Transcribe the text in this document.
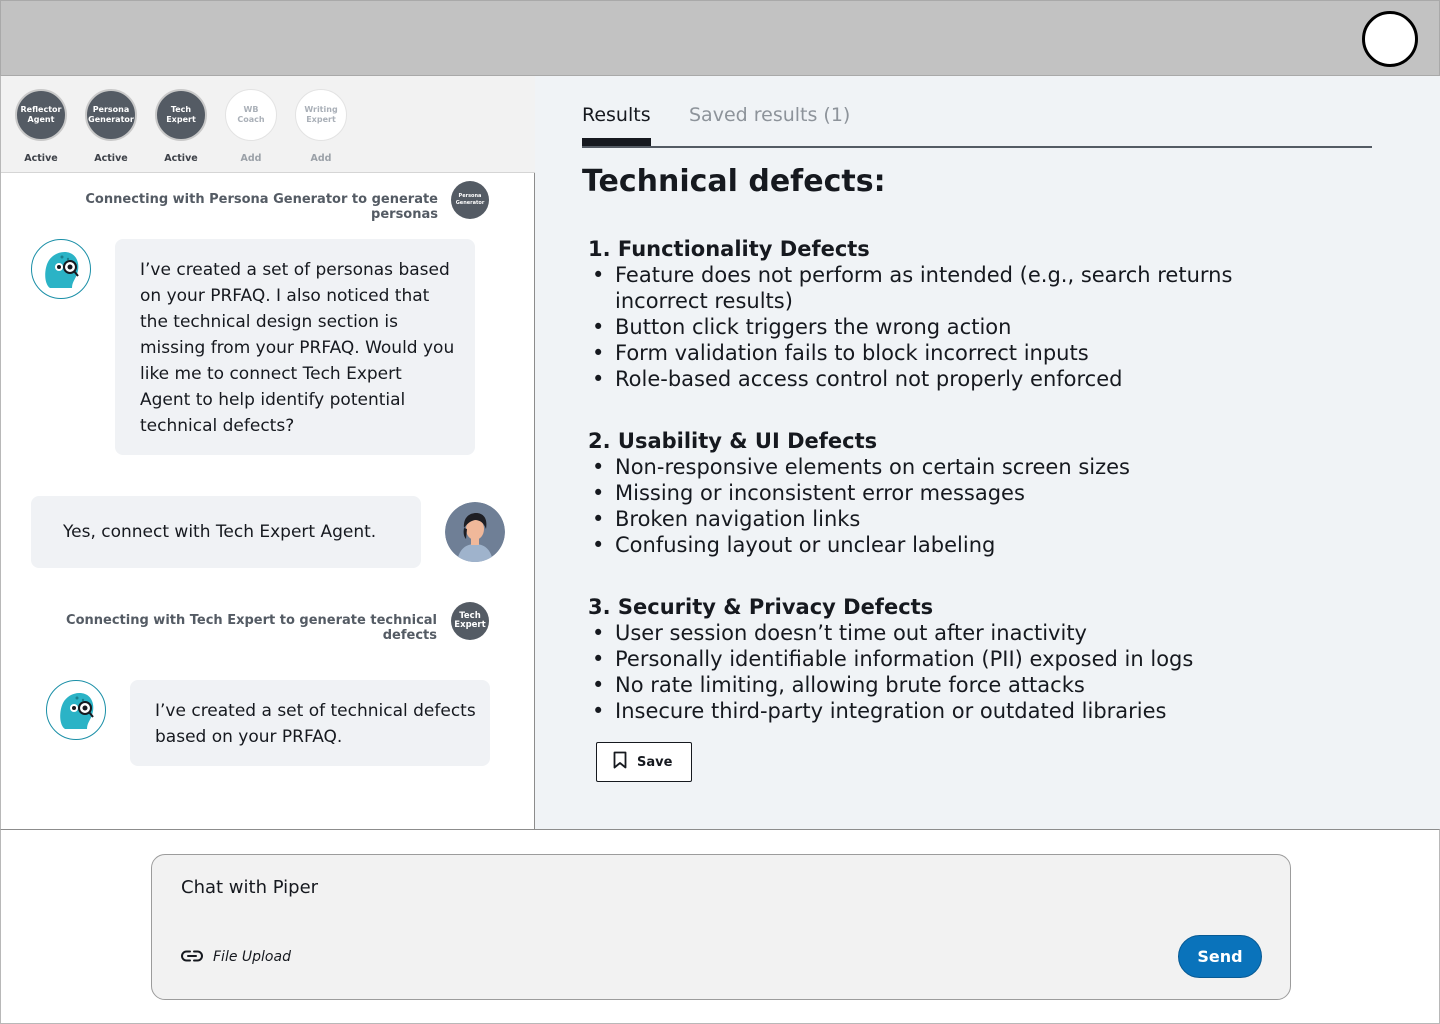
Reflector
Agent
Active
Persona
Generator
Active
Tech
Expert
Active
WB
Coach
Add
Writing
Expert
Add
Connecting with Persona Generator to generate personas
Persona
Generator
I’ve created a set of personas based on your PRFAQ. I also noticed that the technical design section is missing from your PRFAQ. Would you like me to connect Tech Expert Agent to help identify potential technical defects?
Yes, connect with Tech Expert Agent.
Connecting with Tech Expert to generate technical defects
Tech
Expert
I’ve created a set of technical defects based on your PRFAQ.
Results Saved results (1)
Technical defects:
1. Functionality Defects
• Feature does not perform as intended (e.g., search returns incorrect results)
• Button click triggers the wrong action
• Form validation fails to block incorrect inputs
• Role-based access control not properly enforced
2. Usability & UI Defects
• Non-responsive elements on certain screen sizes
• Missing or inconsistent error messages
• Broken navigation links
• Confusing layout or unclear labeling
3. Security & Privacy Defects
• User session doesn’t time out after inactivity
• Personally identifiable information (PII) exposed in logs
• No rate limiting, allowing brute force attacks
• Insecure third-party integration or outdated libraries
Save
Chat with Piper
File Upload	Send
